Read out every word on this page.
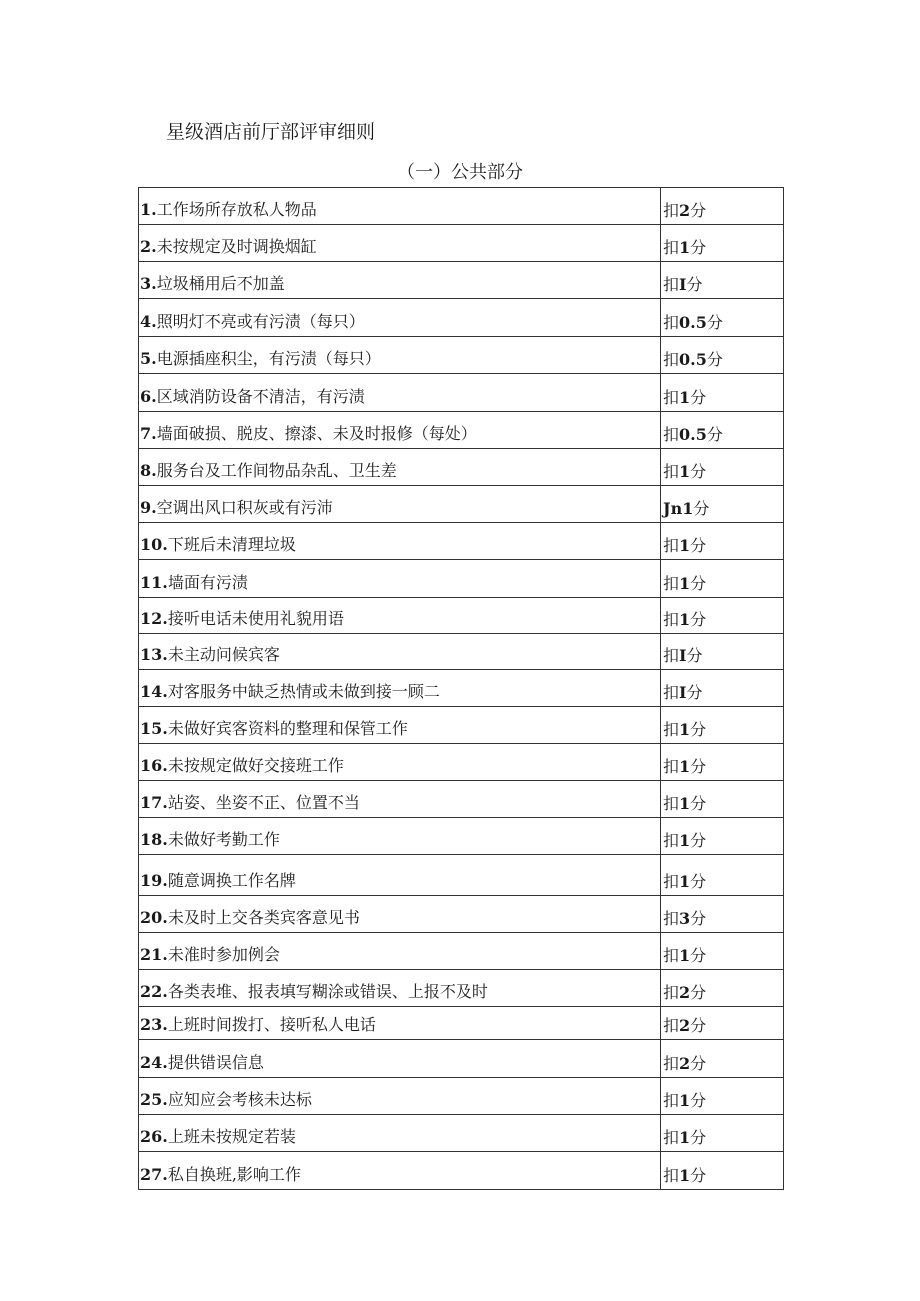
星级酒店前厅部评审细则
（一）公共部分
1.工作场所存放私人物品	扣2分
2.未按规定及时调换烟缸	扣1分
3.垃圾桶用后不加盖	扣I分
4.照明灯不亮或有污渍（每只）	扣0.5分
5.电源插座积尘，有污渍（每只）	扣0.5分
6.区域消防设备不清洁，有污渍	扣1分
7.墙面破损、脱皮、擦漆、未及时报修（每处）	扣0.5分
8.服务台及工作间物品杂乱、卫生差	扣1分
9.空调出风口积灰或有污沛	Jn1分
10.下班后未清理垃圾	扣1分
11.墙面有污渍	扣1分
12.接听电话未使用礼貌用语	扣1分
13.未主动问候宾客	扣I分
14.对客服务中缺乏热情或未做到接一顾二	扣I分
15.未做好宾客资料的整理和保管工作	扣1分
16.未按规定做好交接班工作	扣1分
17.站姿、坐姿不正、位置不当	扣1分
18.未做好考勤工作	扣1分
19.随意调换工作名牌	扣1分
20.未及时上交各类宾客意见书	扣3分
21.未准时参加例会	扣1分
22.各类表堆、报表填写糊涂或错误、上报不及时	扣2分
23.上班时间拨打、接听私人电话	扣2分
24.提供错误信息	扣2分
25.应知应会考核未达标	扣1分
26.上班未按规定若装	扣1分
27.私自换班,影响工作	扣1分
